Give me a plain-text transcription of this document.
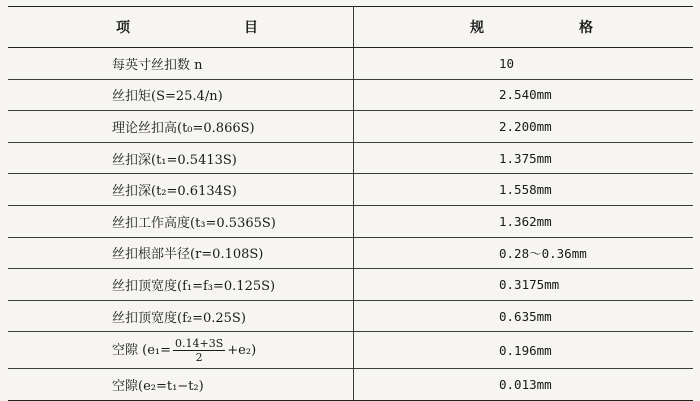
项 目	规 格

每英寸丝扣数 n	10

丝扣矩(S=25.4/n)	2.540mm

理论丝扣高(t₀=0.866S)	2.200mm

丝扣深(t₁=0.5413S)	1.375mm

丝扣深(t₂=0.6134S)	1.558mm

丝扣工作高度(t₃=0.5365S)	1.362mm

丝扣根部半径(r=0.108S)	0.28～0.36mm

丝扣顶宽度(f₁=f₃=0.125S)	0.3175mm

丝扣顶宽度(f₂=0.25S)	0.635mm

空隙 $(e_1= \frac{0.14+3S}{2} +e_2)$	0.196mm

空隙(e₂=t₁−t₂)	0.013mm
